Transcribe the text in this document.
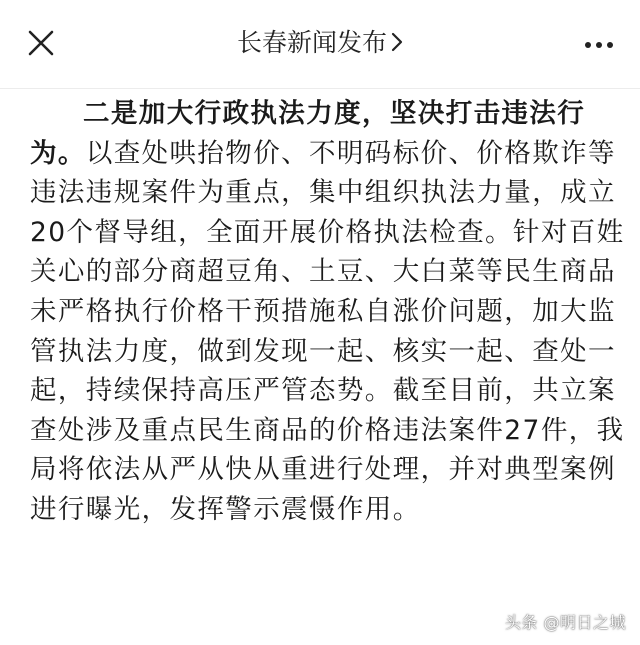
长春新闻发布
二是加大行政执法力度，坚决打击违法行
为。以查处哄抬物价、不明码标价、价格欺诈等
违法违规案件为重点，集中组织执法力量，成立
20个督导组，全面开展价格执法检查。针对百姓
关心的部分商超豆角、土豆、大白菜等民生商品
未严格执行价格干预措施私自涨价问题，加大监
管执法力度，做到发现一起、核实一起、查处一
起，持续保持高压严管态势。截至目前，共立案
查处涉及重点民生商品的价格违法案件27件，我
局将依法从严从快从重进行处理，并对典型案例
进行曝光，发挥警示震慑作用。
头条 @明日之城
